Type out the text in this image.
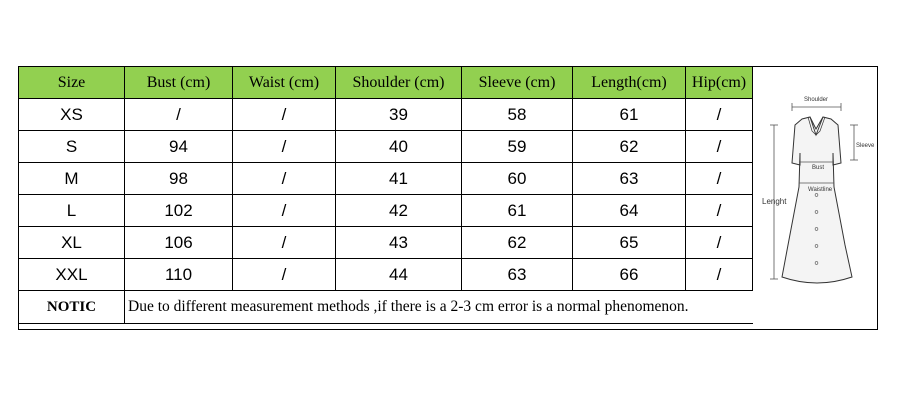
Size	Bust (cm)	Waist (cm)	Shoulder (cm)	Sleeve (cm)	Length(cm)	Hip(cm)
XS	/	/	39	58	61	/
S	94	/	40	59	62	/
M	98	/	41	60	63	/
L	102	/	42	61	64	/
XL	106	/	43	62	65	/
XXL	110	/	44	63	66	/
NOTIC	Due to different measurement methods ,if there is a 2-3 cm error is a normal phenomenon.					
Shoulder
Sleeve
Lenght
Bust
Waistline
